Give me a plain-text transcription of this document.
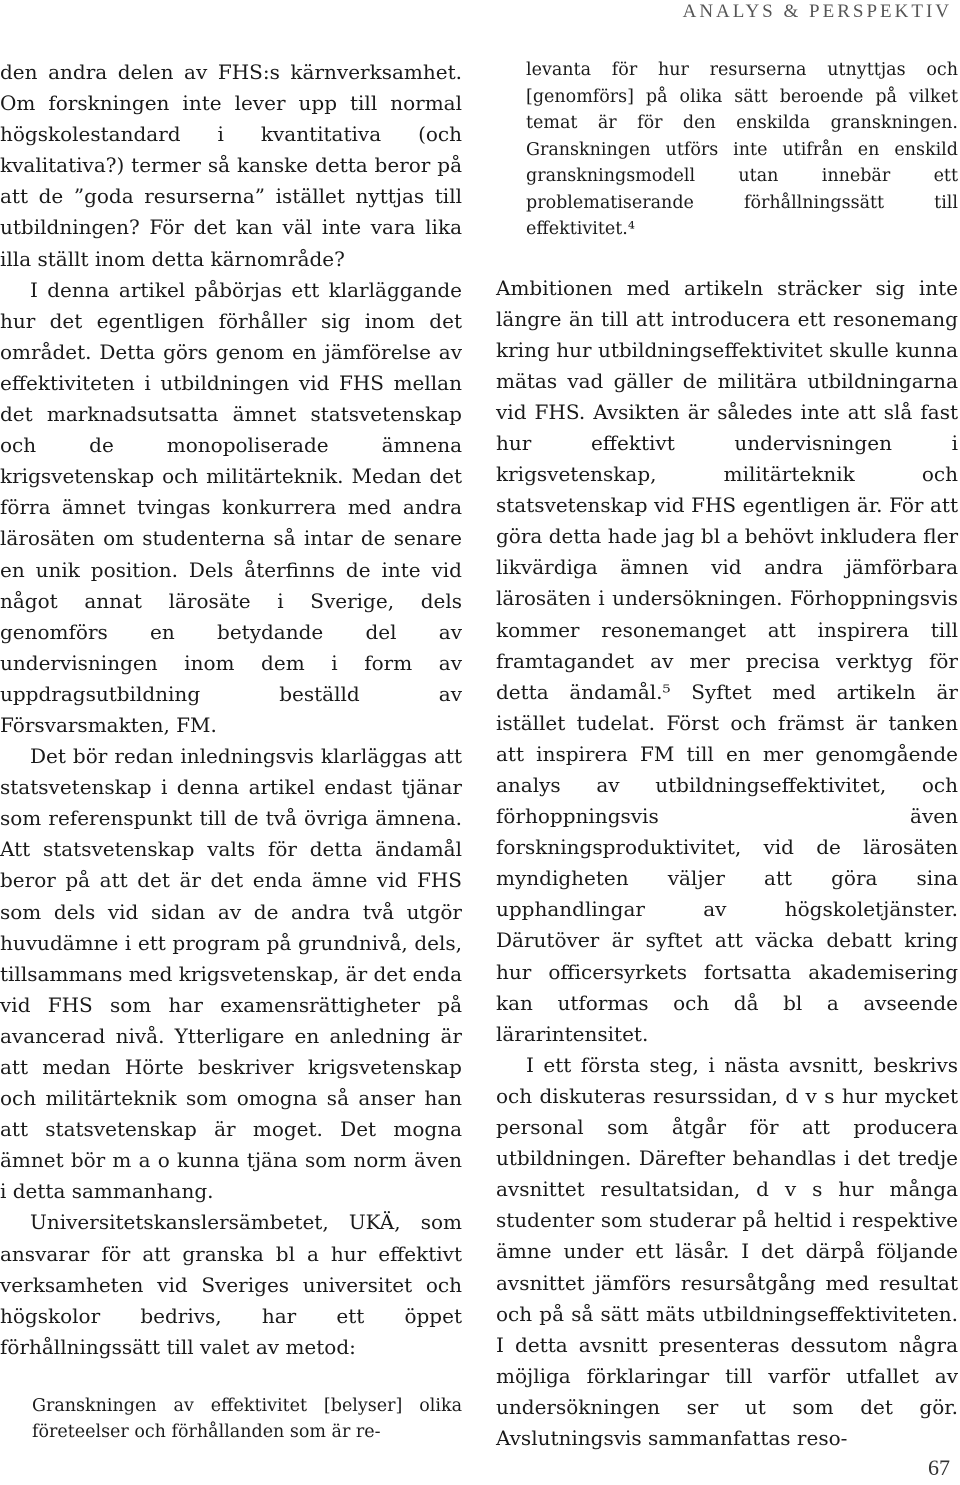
ANALYS & PERSPEKTIV

den andra delen av FHS:s kärnverksamhet. Om forskningen inte lever upp till normal högskolestandard i kvantitativa (och kvalitativa?) termer så kanske detta beror på att de ”goda resurserna” istället nyttjas till utbildningen? För det kan väl inte vara lika illa ställt inom detta kärnområde?

I denna artikel påbörjas ett klarläggande hur det egentligen förhåller sig inom det området. Detta görs genom en jämförelse av effektiviteten i utbildningen vid FHS mellan det marknadsutsatta ämnet statsvetenskap och de monopoliserade ämnena krigsvetenskap och militärteknik. Medan det förra ämnet tvingas konkurrera med andra lärosäten om studenterna så intar de senare en unik position. Dels återfinns de inte vid något annat lärosäte i Sverige, dels genomförs en betydande del av undervisningen inom dem i form av uppdragsutbildning beställd av Försvarsmakten, FM.

Det bör redan inledningsvis klarläggas att statsvetenskap i denna artikel endast tjänar som referenspunkt till de två övriga ämnena. Att statsvetenskap valts för detta ändamål beror på att det är det enda ämne vid FHS som dels vid sidan av de andra två utgör huvudämne i ett program på grundnivå, dels, tillsammans med krigsvetenskap, är det enda vid FHS som har examensrättigheter på avancerad nivå. Ytterligare en anledning är att medan Hörte beskriver krigsvetenskap och militärteknik som omogna så anser han att statsvetenskap är moget. Det mogna ämnet bör m a o kunna tjäna som norm även i detta sammanhang.

Universitetskanslersämbetet, UKÄ, som ansvarar för att granska bl a hur effektivt verksamheten vid Sveriges universitet och högskolor bedrivs, har ett öppet förhållningssätt till valet av metod:

Granskningen av effektivitet [belyser] olika företeelser och förhållanden som är re-

levanta för hur resurserna utnyttjas och [genomförs] på olika sätt beroende på vilket temat är för den enskilda granskningen. Granskningen utförs inte utifrån en enskild granskningsmodell utan innebär ett problematiserande förhållningssätt till effektivitet.⁴

Ambitionen med artikeln sträcker sig inte längre än till att introducera ett resonemang kring hur utbildningseffektivitet skulle kunna mätas vad gäller de militära utbildningarna vid FHS. Avsikten är således inte att slå fast hur effektivt undervisningen i krigsvetenskap, militärteknik och statsvetenskap vid FHS egentligen är. För att göra detta hade jag bl a behövt inkludera fler likvärdiga ämnen vid andra jämförbara lärosäten i undersökningen. Förhoppningsvis kommer resonemanget att inspirera till framtagandet av mer precisa verktyg för detta ändamål.⁵ Syftet med artikeln är istället tudelat. Först och främst är tanken att inspirera FM till en mer genomgående analys av utbildningseffektivitet, och förhoppningsvis även forskningsproduktivitet, vid de lärosäten myndigheten väljer att göra sina upphandlingar av högskoletjänster. Därutöver är syftet att väcka debatt kring hur officersyrkets fortsatta akademisering kan utformas och då bl a avseende lärarintensitet.

I ett första steg, i nästa avsnitt, beskrivs och diskuteras resurssidan, d v s hur mycket personal som åtgår för att producera utbildningen. Därefter behandlas i det tredje avsnittet resultatsidan, d v s hur många studenter som studerar på heltid i respektive ämne under ett läsår. I det därpå följande avsnittet jämförs resursåtgång med resultat och på så sätt mäts utbildningseffektiviteten. I detta avsnitt presenteras dessutom några möjliga förklaringar till varför utfallet av undersökningen ser ut som det gör. Avslutningsvis sammanfattas reso-

67
